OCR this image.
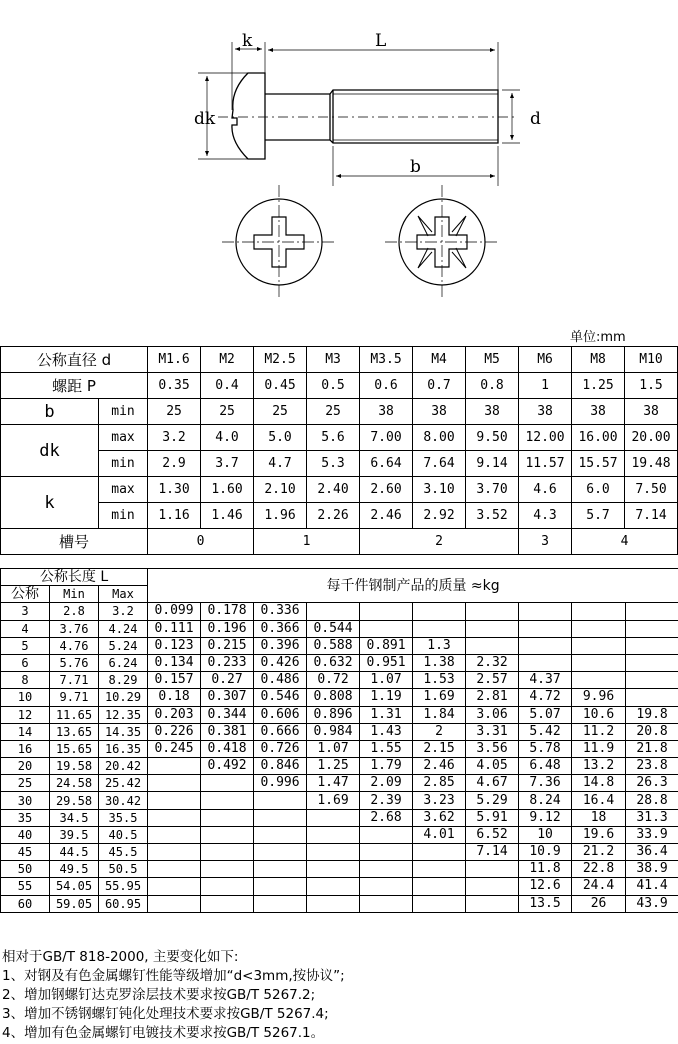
k	L
dk	d
b
单位:mm
公称直径 d		M1.6	M2	M2.5	M3	M3.5	M4	M5	M6	M8	M10
螺距 P		0.35	0.4	0.45	0.5	0.6	0.7	0.8	1	1.25	1.5
b	min	25	25	25	25	38	38	38	38	38	38
dk	max	3.2	4.0	5.0	5.6	7.00	8.00	9.50	12.00	16.00	20.00
	min	2.9	3.7	4.7	5.3	6.64	7.64	9.14	11.57	15.57	19.48
k	max	1.30	1.60	2.10	2.40	2.60	3.10	3.70	4.6	6.0	7.50
	min	1.16	1.46	1.96	2.26	2.46	2.92	3.52	4.3	5.7	7.14
槽号		0		1		2			3	4	
公称长度 L			每千件钢制产品的质量 ≈kg									
公称	Min	Max										
3	2.8	3.2	0.099	0.178	0.336							
4	3.76	4.24	0.111	0.196	0.366	0.544						
5	4.76	5.24	0.123	0.215	0.396	0.588	0.891	1.3				
6	5.76	6.24	0.134	0.233	0.426	0.632	0.951	1.38	2.32			
8	7.71	8.29	0.157	0.27	0.486	0.72	1.07	1.53	2.57	4.37		
10	9.71	10.29	0.18	0.307	0.546	0.808	1.19	1.69	2.81	4.72	9.96	
12	11.65	12.35	0.203	0.344	0.606	0.896	1.31	1.84	3.06	5.07	10.6	19.8
14	13.65	14.35	0.226	0.381	0.666	0.984	1.43	2	3.31	5.42	11.2	20.8
16	15.65	16.35	0.245	0.418	0.726	1.07	1.55	2.15	3.56	5.78	11.9	21.8
20	19.58	20.42		0.492	0.846	1.25	1.79	2.46	4.05	6.48	13.2	23.8
25	24.58	25.42			0.996	1.47	2.09	2.85	4.67	7.36	14.8	26.3
30	29.58	30.42				1.69	2.39	3.23	5.29	8.24	16.4	28.8
35	34.5	35.5					2.68	3.62	5.91	9.12	18	31.3
40	39.5	40.5						4.01	6.52	10	19.6	33.9
45	44.5	45.5							7.14	10.9	21.2	36.4
50	49.5	50.5								11.8	22.8	38.9
55	54.05	55.95								12.6	24.4	41.4
60	59.05	60.95								13.5	26	43.9
相对于GB/T 818-2000, 主要变化如下:
1、对钢及有色金属螺钉性能等级增加“d<3mm,按协议”;
2、增加钢螺钉达克罗涂层技术要求按GB/T 5267.2;
3、增加不锈钢螺钉钝化处理技术要求按GB/T 5267.4;
4、增加有色金属螺钉电镀技术要求按GB/T 5267.1。
